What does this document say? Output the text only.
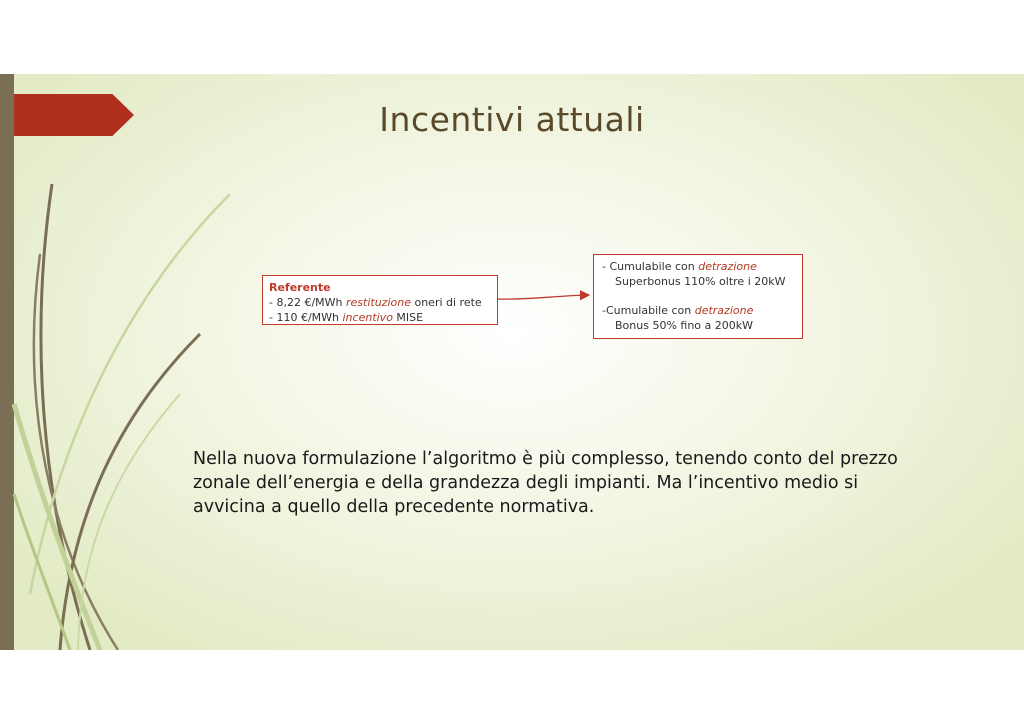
Incentivi attuali
Referente
- 8,22 €/MWh restituzione oneri di rete
- 110 €/MWh incentivo MISE
- Cumulabile con detrazione
Superbonus 110% oltre i 20kW
-Cumulabile con detrazione
Bonus 50% fino a 200kW
Nella nuova formulazione l’algoritmo è più complesso, tenendo conto del prezzo zonale dell’energia e della grandezza degli impianti. Ma l’incentivo medio si avvicina a quello della precedente normativa.
